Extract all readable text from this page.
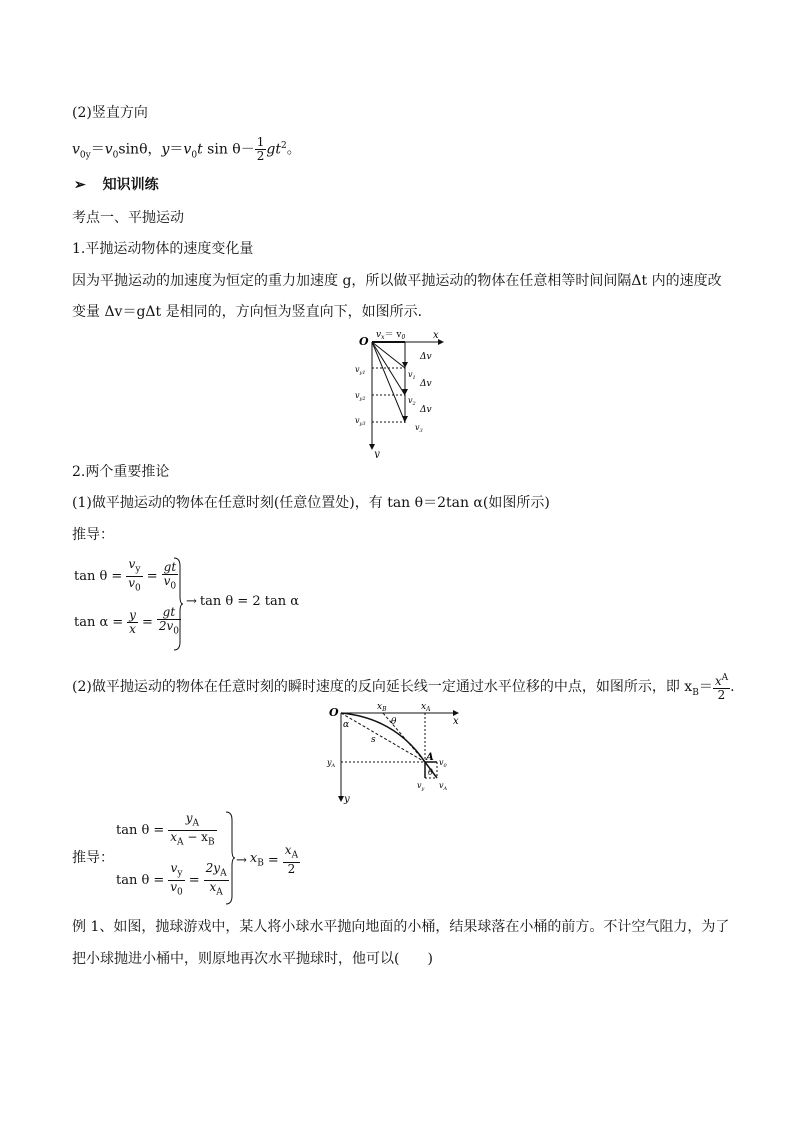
(2)竖直方向
$v_{0y}=v_0\sin\theta$，$y=v_0t$ $\sin \theta- \frac{1}{2} gt^2$。
➢ 知识训练
考点一、平抛运动
1.平抛运动物体的速度变化量
因为平抛运动的加速度为恒定的重力加速度 g，所以做平抛运动的物体在任意相等时间间隔Δt 内的速度改
变量 Δv＝gΔt 是相同的，方向恒为竖直向下，如图所示．
O $v_x= v_0$	x
y
Δv
Δv
Δv
$v_{y1}$
$v_{y2}$
$v_{y3}$
$v_1$
$v_2$
$v_3$
2.两个重要推论
(1)做平抛运动的物体在任意时刻(任意位置处)，有 tan θ＝2tan α(如图所示)
推导：
$\tan \theta = \frac{v_y}{v_0} = \frac{gt}{v_0}$
$\tan \alpha = \frac{y}{x} = \frac{gt}{2v_0}$
→ tan θ = 2 tan α
(2)做平抛运动的物体在任意时刻的瞬时速度的反向延长线一定通过水平位移的中点，如图所示，即 $x_B= \frac{x^A}{2}$ .
O	$x_B$	$x_A$
x
y
θ
α
s
A $v_0$
θ
$y_A$
$v_y$ $v_A$
推导：
$\tan \theta = \frac{y_A}{x_A - x_B}$
$\tan \theta = \frac{v_y}{v_0} = \frac{2y_A}{x_A}$
→ $x_B = \frac{x_A}{2}$
例 1、如图，抛球游戏中，某人将小球水平抛向地面的小桶，结果球落在小桶的前方。不计空气阻力，为了
把小球抛进小桶中，则原地再次水平抛球时，他可以(　　)
